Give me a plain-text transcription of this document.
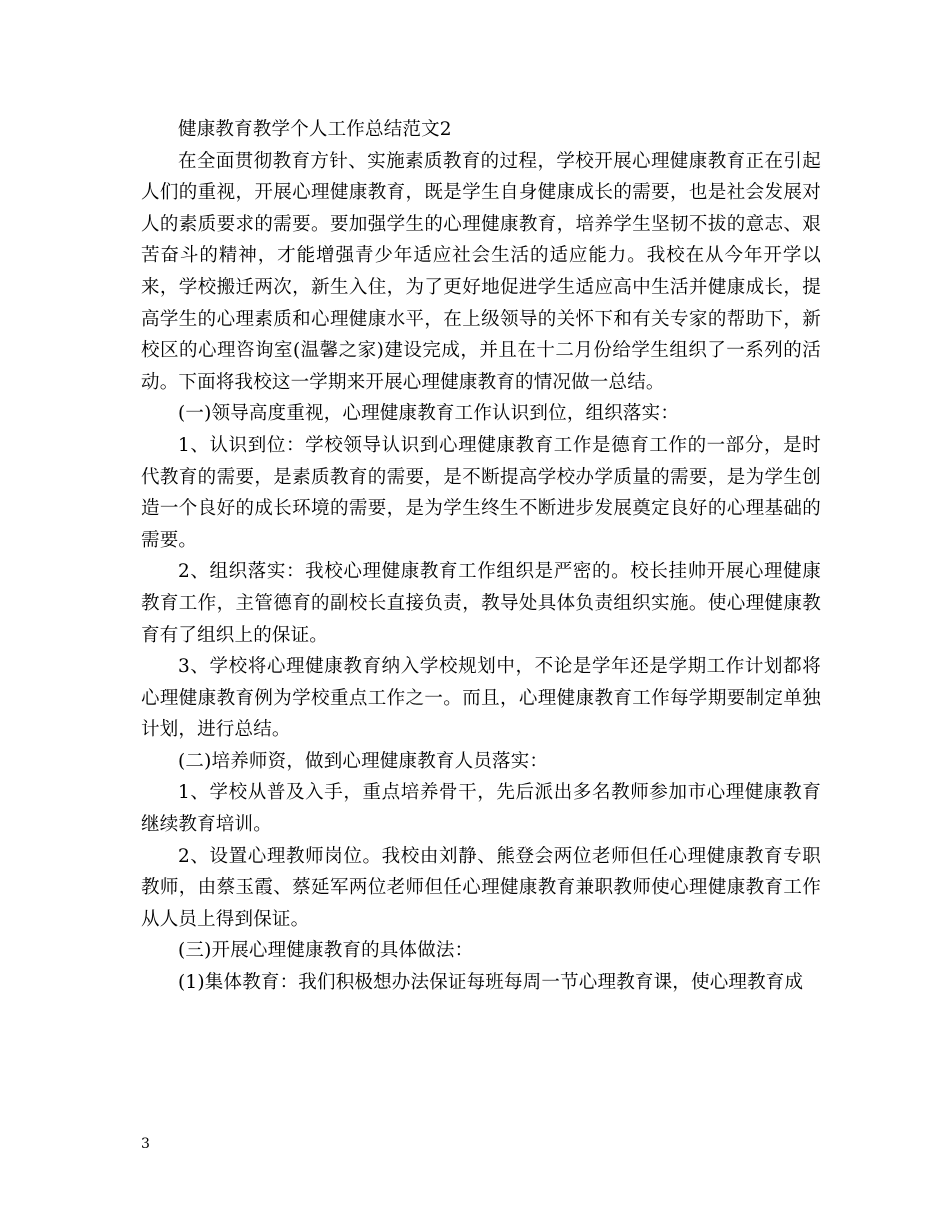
健康教育教学个人工作总结范文2

在全面贯彻教育方针、实施素质教育的过程，学校开展心理健康教育正在引起人们的重视，开展心理健康教育，既是学生自身健康成长的需要，也是社会发展对人的素质要求的需要。要加强学生的心理健康教育，培养学生坚韧不拔的意志、艰苦奋斗的精神，才能增强青少年适应社会生活的适应能力。我校在从今年开学以来，学校搬迁两次，新生入住，为了更好地促进学生适应高中生活并健康成长，提高学生的心理素质和心理健康水平，在上级领导的关怀下和有关专家的帮助下，新校区的心理咨询室(温馨之家)建设完成，并且在十二月份给学生组织了一系列的活动。下面将我校这一学期来开展心理健康教育的情况做一总结。

(一)领导高度重视，心理健康教育工作认识到位，组织落实：

1、认识到位：学校领导认识到心理健康教育工作是德育工作的一部分，是时代教育的需要，是素质教育的需要，是不断提高学校办学质量的需要，是为学生创造一个良好的成长环境的需要，是为学生终生不断进步发展奠定良好的心理基础的需要。

2、组织落实：我校心理健康教育工作组织是严密的。校长挂帅开展心理健康教育工作，主管德育的副校长直接负责，教导处具体负责组织实施。使心理健康教育有了组织上的保证。

3、学校将心理健康教育纳入学校规划中，不论是学年还是学期工作计划都将心理健康教育例为学校重点工作之一。而且，心理健康教育工作每学期要制定单独计划，进行总结。

(二)培养师资，做到心理健康教育人员落实：

1、学校从普及入手，重点培养骨干，先后派出多名教师参加市心理健康教育继续教育培训。

2、设置心理教师岗位。我校由刘静、熊登会两位老师但任心理健康教育专职教师，由蔡玉霞、蔡延军两位老师但任心理健康教育兼职教师使心理健康教育工作从人员上得到保证。

(三)开展心理健康教育的具体做法：

(1)集体教育：我们积极想办法保证每班每周一节心理教育课，使心理教育成

3
